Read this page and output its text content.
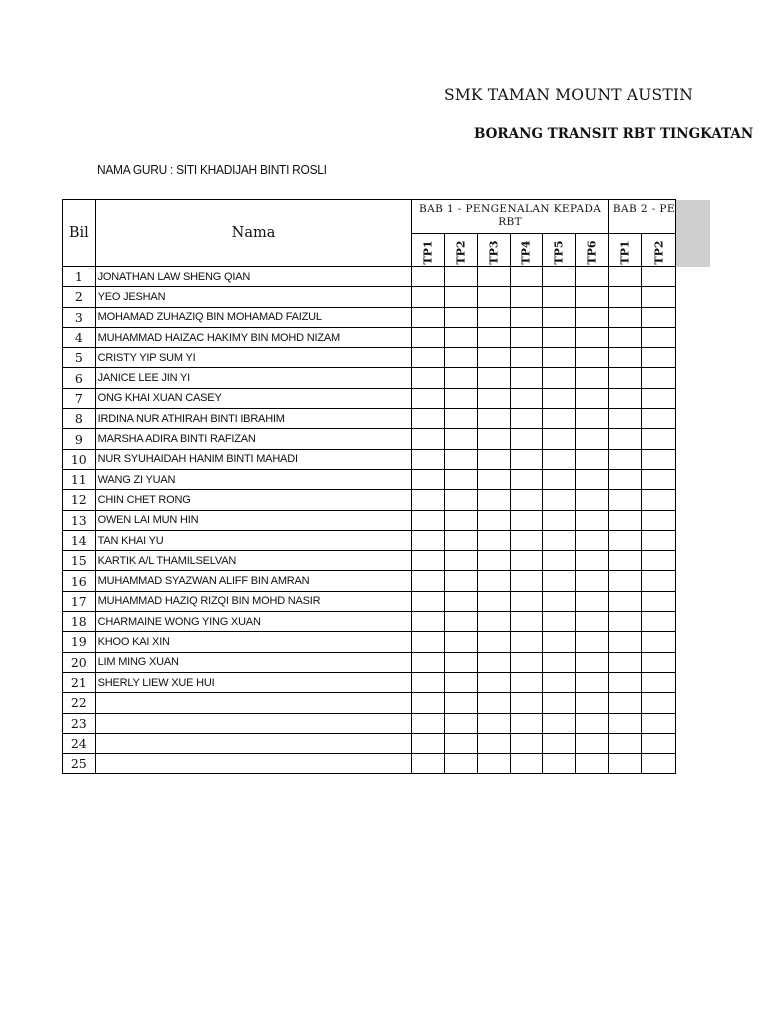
SMK TAMAN MOUNT AUSTIN
BORANG TRANSIT RBT TINGKATAN
NAMA GURU : SITI KHADIJAH BINTI ROSLI
Bil	Nama	BAB 1 - PENGENALAN KEPADA RBT						BAB 2 - PE	
		TP1	TP2	TP3	TP4	TP5	TP6	TP1	TP2
1	JONATHAN LAW SHENG QIAN								
2	YEO JESHAN								
3	MOHAMAD ZUHAZIQ BIN MOHAMAD FAIZUL								
4	MUHAMMAD HAIZAC HAKIMY BIN MOHD NIZAM								
5	CRISTY YIP SUM YI								
6	JANICE LEE JIN YI								
7	ONG KHAI XUAN CASEY								
8	IRDINA NUR ATHIRAH BINTI IBRAHIM								
9	MARSHA ADIRA BINTI RAFIZAN								
10	NUR SYUHAIDAH HANIM BINTI MAHADI								
11	WANG ZI YUAN								
12	CHIN CHET RONG								
13	OWEN LAI MUN HIN								
14	TAN KHAI YU								
15	KARTIK A/L THAMILSELVAN								
16	MUHAMMAD SYAZWAN ALIFF BIN AMRAN								
17	MUHAMMAD HAZIQ RIZQI BIN MOHD NASIR								
18	CHARMAINE WONG YING XUAN								
19	KHOO KAI XIN								
20	LIM MING XUAN								
21	SHERLY LIEW XUE HUI								
22									
23									
24									
25									
